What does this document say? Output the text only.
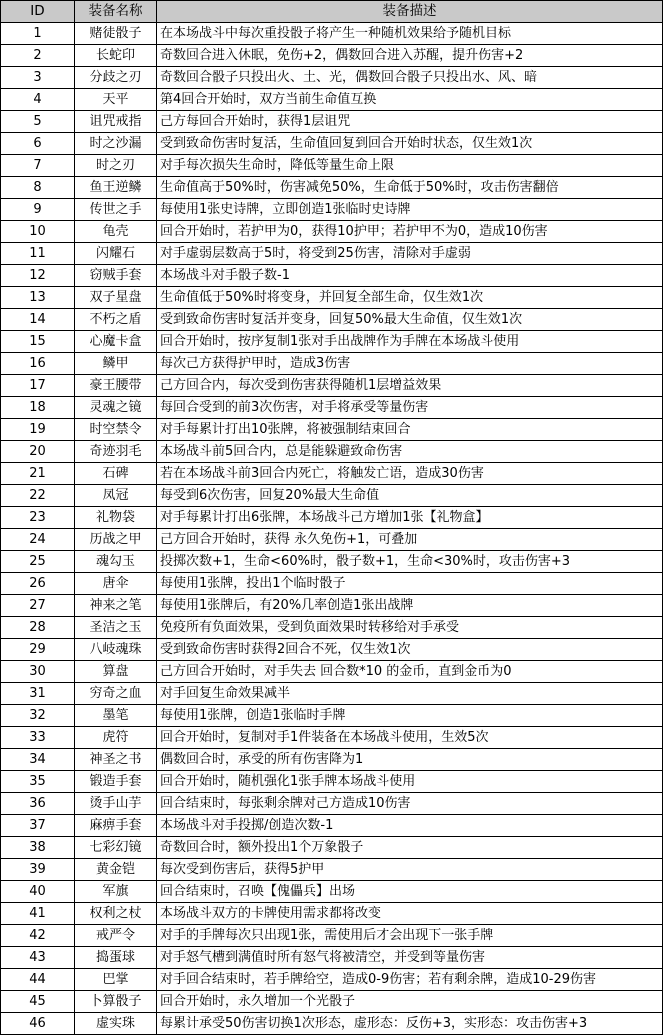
ID	装备名称	装备描述
1	赌徒骰子	在本场战斗中每次重投骰子将产生一种随机效果给予随机目标
2	长蛇印	奇数回合进入休眠，免伤+2，偶数回合进入苏醒，提升伤害+2
3	分歧之刃	奇数回合骰子只投出火、土、光，偶数回合骰子只投出水、风、暗
4	天平	第4回合开始时，双方当前生命值互换
5	诅咒戒指	己方每回合开始时，获得1层诅咒
6	时之沙漏	受到致命伤害时复活，生命值回复到回合开始时状态，仅生效1次
7	时之刃	对手每次损失生命时，降低等量生命上限
8	鱼王逆鳞	生命值高于50%时，伤害减免50%，生命低于50%时，攻击伤害翻倍
9	传世之手	每使用1张史诗牌，立即创造1张临时史诗牌
10	龟壳	回合开始时，若护甲为0，获得10护甲；若护甲不为0，造成10伤害
11	闪耀石	对手虚弱层数高于5时，将受到25伤害，清除对手虚弱
12	窃贼手套	本场战斗对手骰子数-1
13	双子星盘	生命值低于50%时将变身，并回复全部生命，仅生效1次
14	不朽之盾	受到致命伤害时复活并变身，回复50%最大生命值，仅生效1次
15	心魔卡盒	回合开始时，按序复制1张对手出战牌作为手牌在本场战斗使用
16	鳞甲	每次己方获得护甲时，造成3伤害
17	豪王腰带	己方回合内，每次受到伤害获得随机1层增益效果
18	灵魂之镜	每回合受到的前3次伤害，对手将承受等量伤害
19	时空禁令	对手每累计打出10张牌，将被强制结束回合
20	奇迹羽毛	本场战斗前5回合内，总是能躲避致命伤害
21	石碑	若在本场战斗前3回合内死亡，将触发亡语，造成30伤害
22	凤冠	每受到6次伤害，回复20%最大生命值
23	礼物袋	对手每累计打出6张牌，本场战斗己方增加1张【礼物盒】
24	历战之甲	己方回合开始时，获得 永久免伤+1，可叠加
25	魂勾玉	投掷次数+1，生命<60%时，骰子数+1，生命<30%时，攻击伤害+3
26	唐伞	每使用1张牌，投出1个临时骰子
27	神来之笔	每使用1张牌后，有20%几率创造1张出战牌
28	圣洁之玉	免疫所有负面效果，受到负面效果时转移给对手承受
29	八岐魂珠	受到致命伤害时获得2回合不死，仅生效1次
30	算盘	己方回合开始时，对手失去 回合数*10 的金币，直到金币为0
31	穷奇之血	对手回复生命效果减半
32	墨笔	每使用1张牌，创造1张临时手牌
33	虎符	回合开始时，复制对手1件装备在本场战斗使用，生效5次
34	神圣之书	偶数回合时，承受的所有伤害降为1
35	锻造手套	回合开始时，随机强化1张手牌本场战斗使用
36	烫手山芋	回合结束时，每张剩余牌对己方造成10伤害
37	麻痹手套	本场战斗对手投掷/创造次数-1
38	七彩幻镜	奇数回合时，额外投出1个万象骰子
39	黄金铠	每次受到伤害后，获得5护甲
40	军旗	回合结束时，召唤【傀儡兵】出场
41	权利之杖	本场战斗双方的卡牌使用需求都将改变
42	戒严令	对手的手牌每次只出现1张，需使用后才会出现下一张手牌
43	捣蛋球	对手怒气槽到满值时所有怒气将被清空，并受到等量伤害
44	巴掌	对手回合结束时，若手牌给空，造成0-9伤害；若有剩余牌，造成10-29伤害
45	卜算骰子	回合开始时，永久增加一个光骰子
46	虚实珠	每累计承受50伤害切换1次形态，虚形态：反伤+3，实形态：攻击伤害+3
